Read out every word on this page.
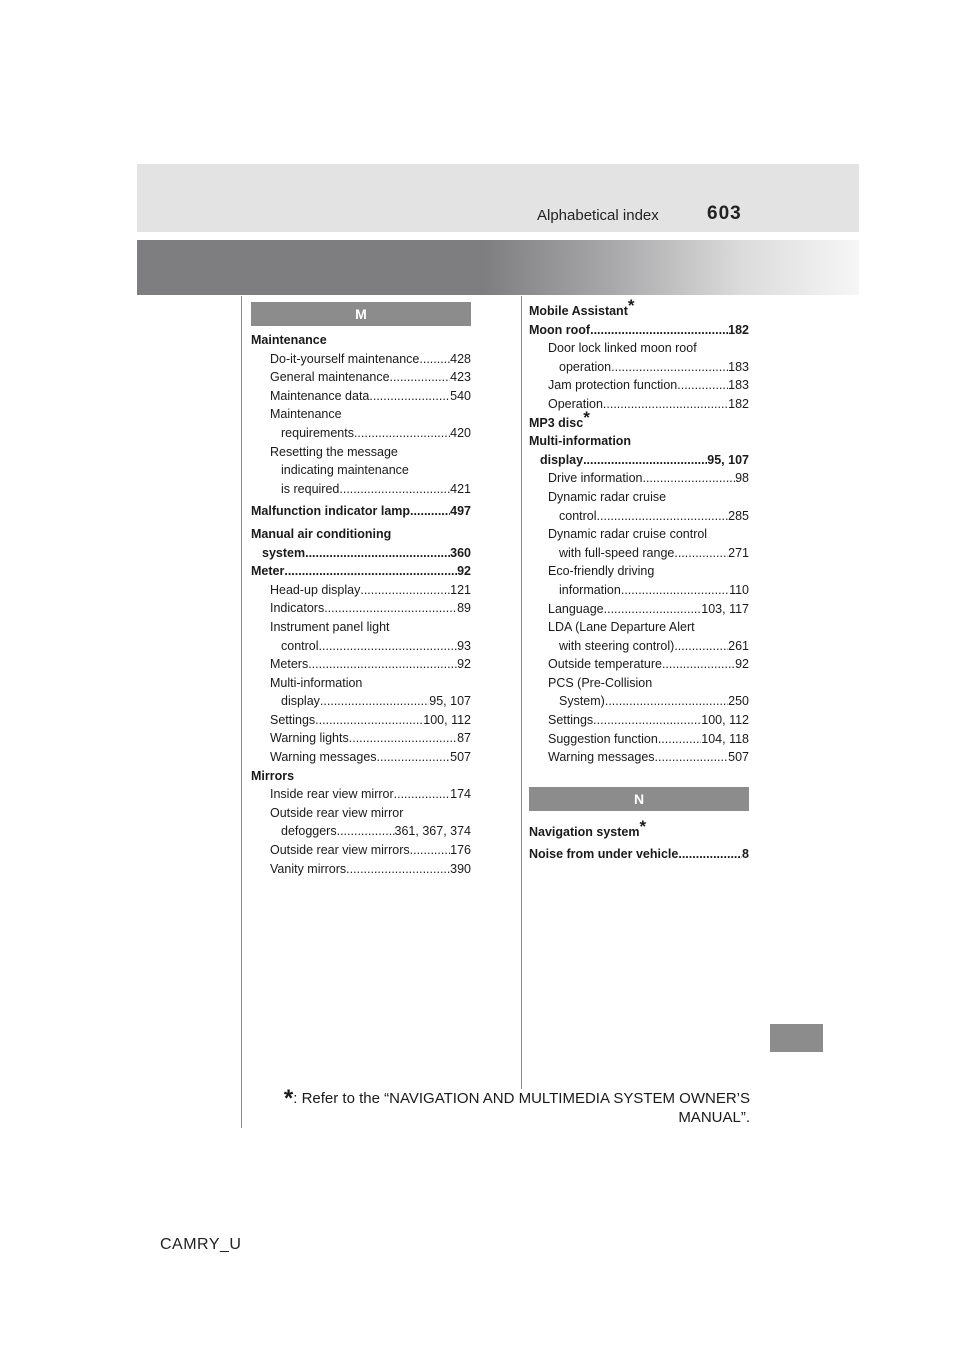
Alphabetical index	603
M
Maintenance
Do-it-yourself maintenance ..... 428
General maintenance .....	423
Maintenance data .....	540
Maintenance
requirements .....	420
Resetting the message
indicating maintenance
is required .....	421
Malfunction indicator lamp .....	497
Manual air conditioning
system .....	360
Meter .....	92
Head-up display .....	121
Indicators .....	89
Instrument panel light
control .....	93
Meters .....	92
Multi-information
display .....	95, 107
Settings .....	100, 112
Warning lights .....	87
Warning messages .....	507
Mirrors
Inside rear view mirror .....	174
Outside rear view mirror
defoggers .....	361, 367, 374
Outside rear view mirrors .....	176
Vanity mirrors .....	390
Mobile Assistant*
Moon roof .....	182
Door lock linked moon roof
operation .....	183
Jam protection function .....	183
Operation .....	182
MP3 disc*
Multi-information
display .....	95, 107
Drive information .....	98
Dynamic radar cruise
control .....	285
Dynamic radar cruise control
with full-speed range .....	271
Eco-friendly driving
information .....	110
Language .....	103, 117
LDA (Lane Departure Alert
with steering control) .....	261
Outside temperature .....	92
PCS (Pre-Collision
System) .....	250
Settings .....	100, 112
Suggestion function .....	104, 118
Warning messages .....	507
N
Navigation system*
Noise from under vehicle .....	8
*: Refer to the “NAVIGATION AND MULTIMEDIA SYSTEM OWNER’S
MANUAL”.
CAMRY_U
